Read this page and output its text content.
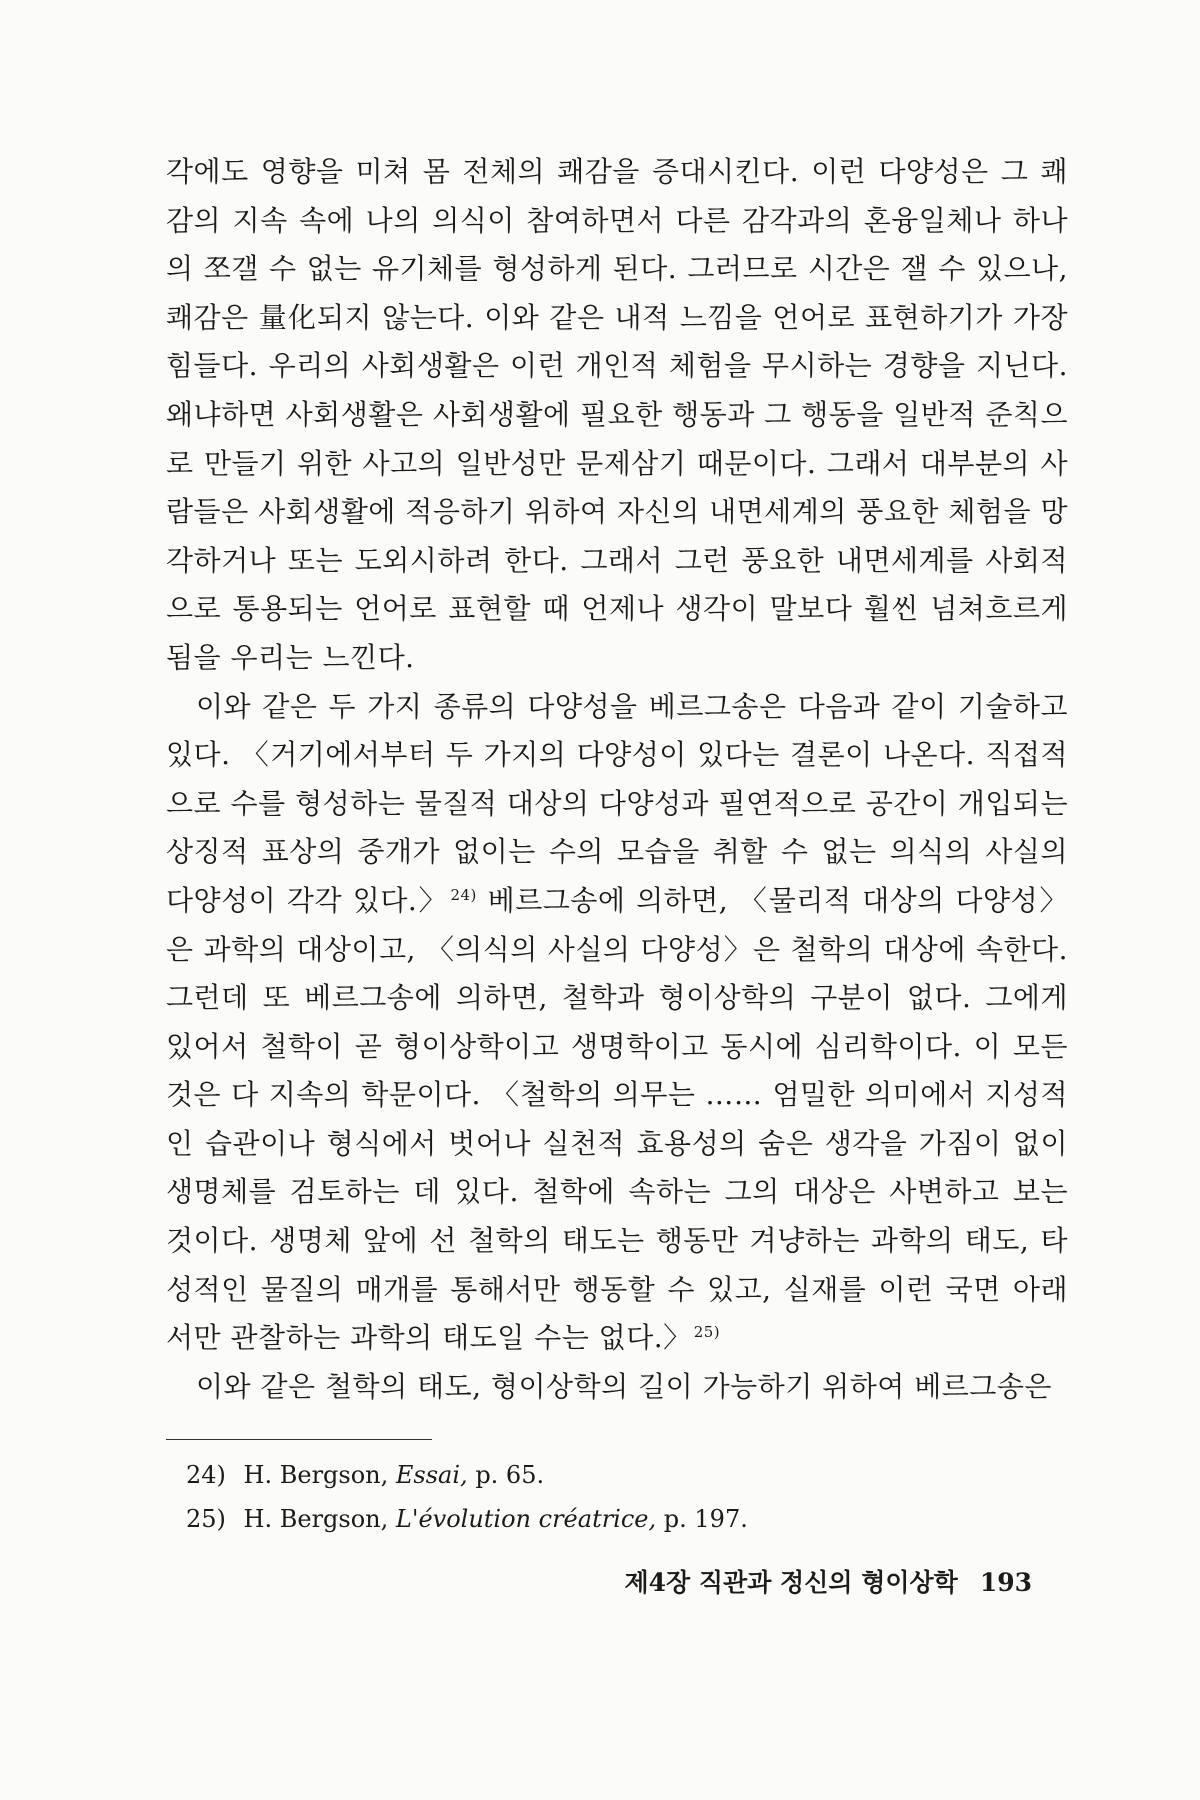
각에도 영향을 미쳐 몸 전체의 쾌감을 증대시킨다. 이런 다양성은 그 쾌감의 지속 속에 나의 의식이 참여하면서 다른 감각과의 혼융일체나 하나의 쪼갤 수 없는 유기체를 형성하게 된다. 그러므로 시간은 잴 수 있으나, 쾌감은 量化되지 않는다. 이와 같은 내적 느낌을 언어로 표현하기가 가장 힘들다. 우리의 사회생활은 이런 개인적 체험을 무시하는 경향을 지닌다. 왜냐하면 사회생활은 사회생활에 필요한 행동과 그 행동을 일반적 준칙으로 만들기 위한 사고의 일반성만 문제삼기 때문이다. 그래서 대부분의 사람들은 사회생활에 적응하기 위하여 자신의 내면세계의 풍요한 체험을 망각하거나 또는 도외시하려 한다. 그래서 그런 풍요한 내면세계를 사회적으로 통용되는 언어로 표현할 때 언제나 생각이 말보다 훨씬 넘쳐흐르게 됨을 우리는 느낀다.

이와 같은 두 가지 종류의 다양성을 베르그송은 다음과 같이 기술하고 있다. 〈거기에서부터 두 가지의 다양성이 있다는 결론이 나온다. 직접적으로 수를 형성하는 물질적 대상의 다양성과 필연적으로 공간이 개입되는 상징적 표상의 중개가 없이는 수의 모습을 취할 수 없는 의식의 사실의 다양성이 각각 있다.〉 $^{24)}$ 베르그송에 의하면, 〈물리적 대상의 다양성〉은 과학의 대상이고, 〈의식의 사실의 다양성〉은 철학의 대상에 속한다. 그런데 또 베르그송에 의하면, 철학과 형이상학의 구분이 없다. 그에게 있어서 철학이 곧 형이상학이고 생명학이고 동시에 심리학이다. 이 모든 것은 다 지속의 학문이다. 〈철학의 의무는 …… 엄밀한 의미에서 지성적인 습관이나 형식에서 벗어나 실천적 효용성의 숨은 생각을 가짐이 없이 생명체를 검토하는 데 있다. 철학에 속하는 그의 대상은 사변하고 보는 것이다. 생명체 앞에 선 철학의 태도는 행동만 겨냥하는 과학의 태도, 타성적인 물질의 매개를 통해서만 행동할 수 있고, 실재를 이런 국면 아래서만 관찰하는 과학의 태도일 수는 없다.〉 $^{25)}$

이와 같은 철학의 태도, 형이상학의 길이 가능하기 위하여 베르그송은

24) H. Bergson, Essai, p. 65.
25) H. Bergson, L'évolution créatrice, p. 197.
제4장 직관과 정신의 형이상학 193
